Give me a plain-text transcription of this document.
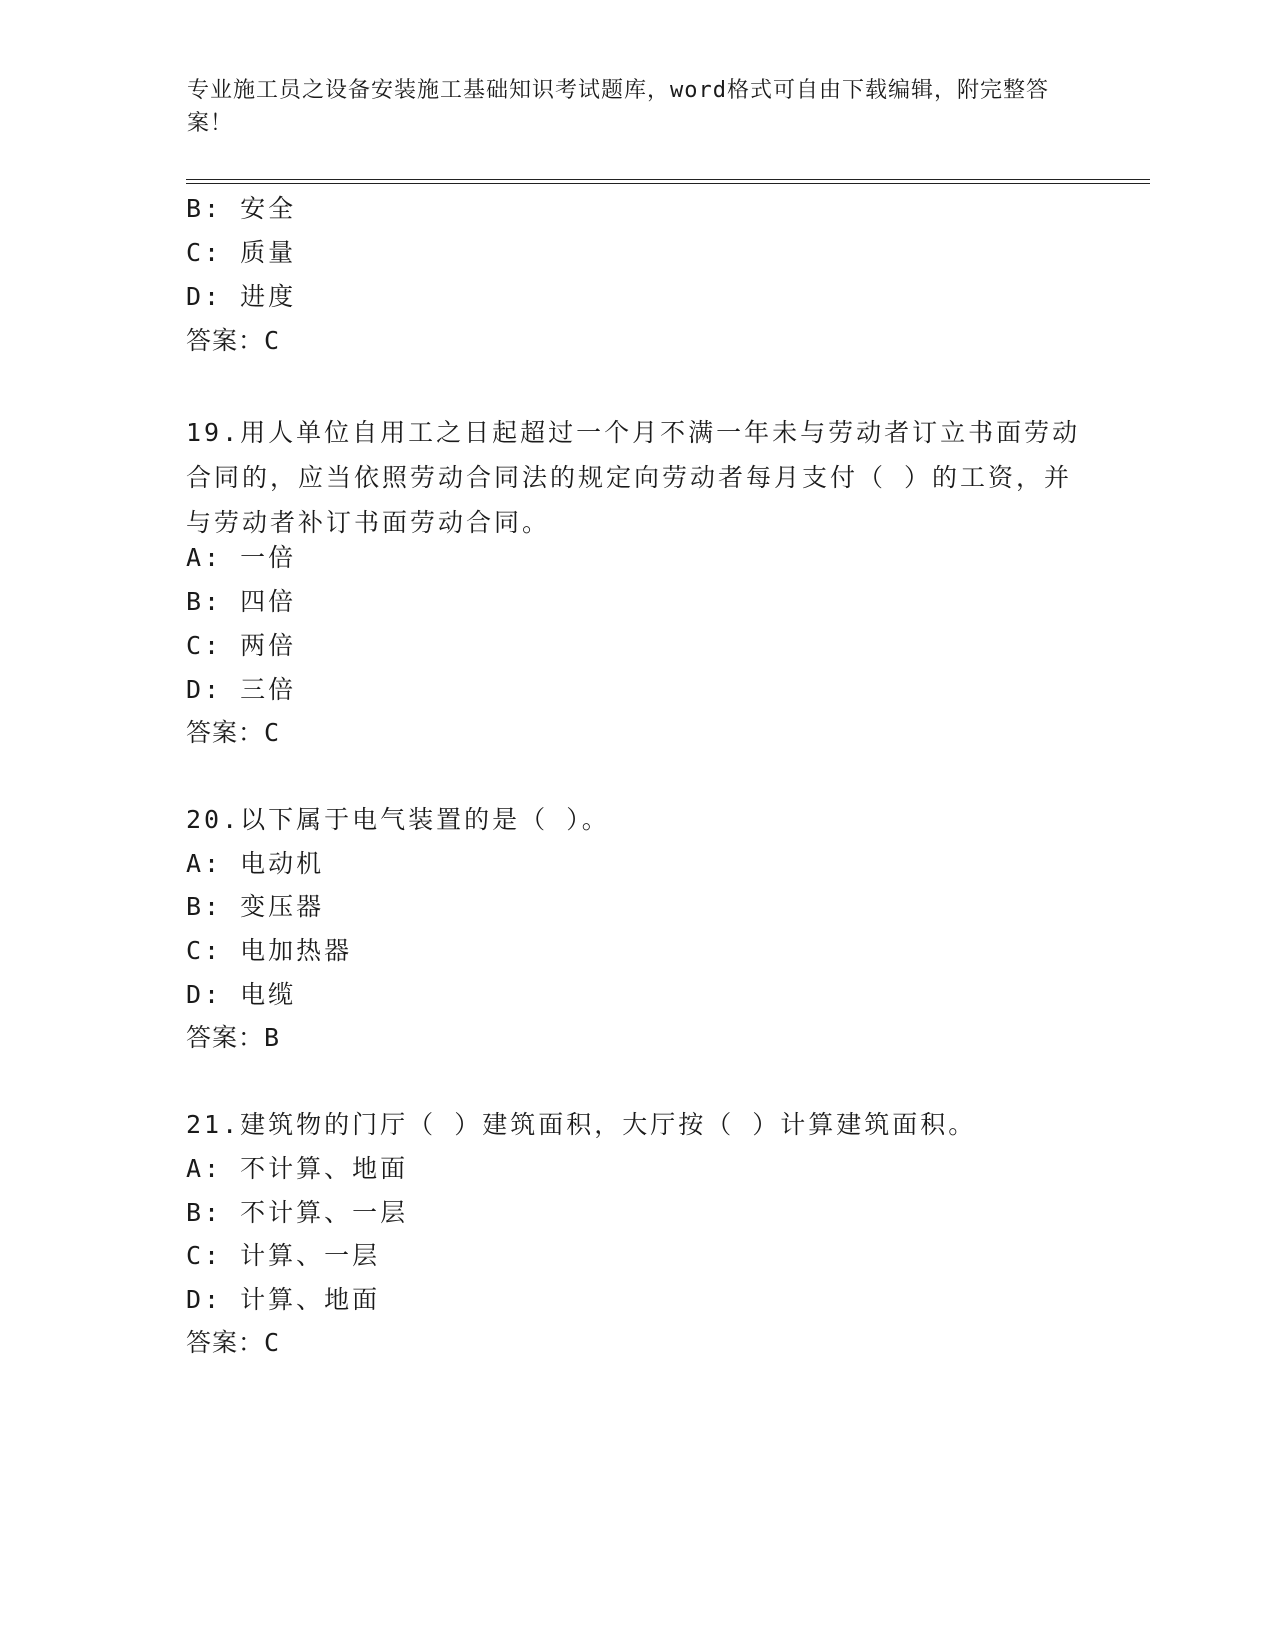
专业施工员之设备安装施工基础知识考试题库，word格式可自由下载编辑，附完整答案！
B: 安全
C: 质量
D: 进度
答案：C
19.用人单位自用工之日起超过一个月不满一年未与劳动者订立书面劳动合同的，应当依照劳动合同法的规定向劳动者每月支付（ ）的工资，并与劳动者补订书面劳动合同。
A: 一倍
B: 四倍
C: 两倍
D: 三倍
答案：C
20.以下属于电气装置的是（ ）。
A: 电动机
B: 变压器
C: 电加热器
D: 电缆
答案：B
21.建筑物的门厅（ ）建筑面积，大厅按（ ）计算建筑面积。
A: 不计算、地面
B: 不计算、一层
C: 计算、一层
D: 计算、地面
答案：C
